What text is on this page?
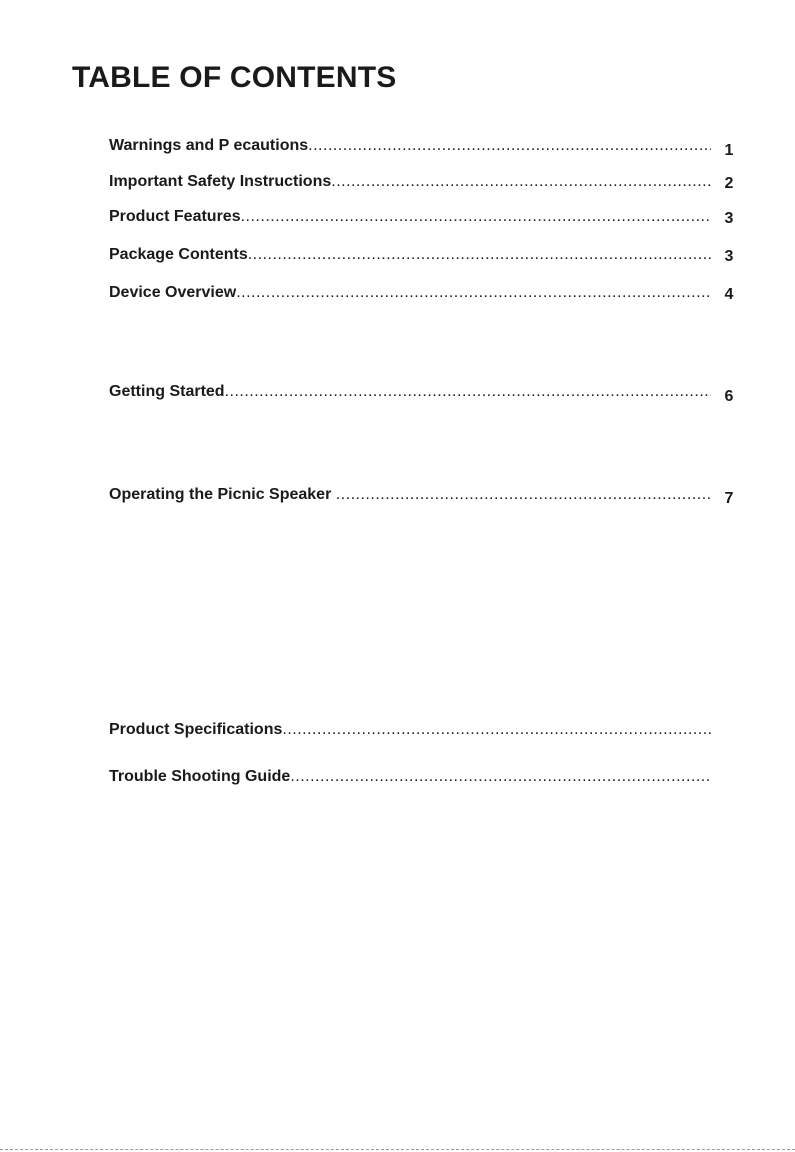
TABLE OF CONTENTS
Warnings and P ecautions .....	1
Important Safety Instructions .....	2
Product Features .....	3
Package Contents .....	3
Device Overview .....	4
Getting Started .....	6
Operating the Picnic Speaker .....	7
Product Specifications .....
Trouble Shooting Guide .....
